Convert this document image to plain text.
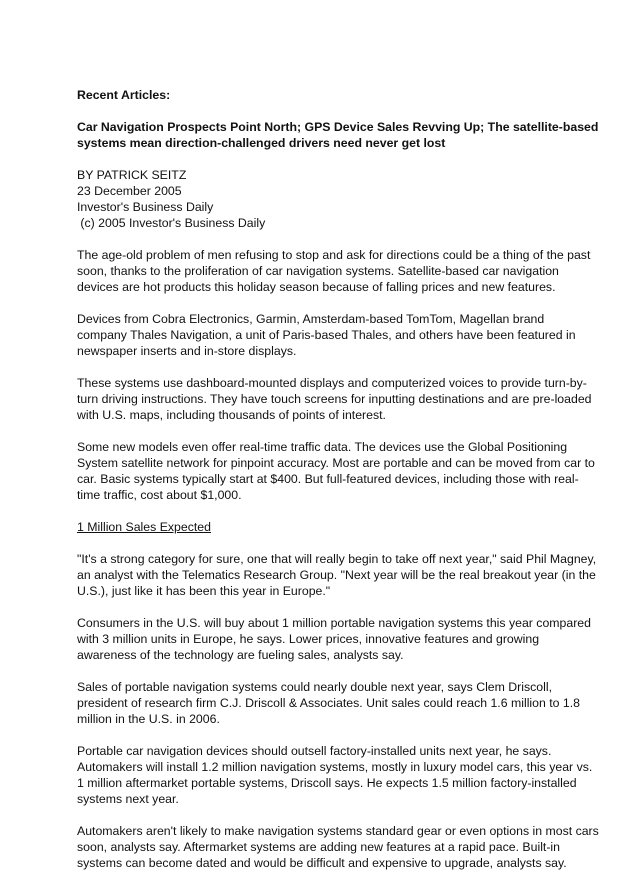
Recent Articles:
Car Navigation Prospects Point North; GPS Device Sales Revving Up; The satellite-based
systems mean direction-challenged drivers need never get lost
BY PATRICK SEITZ
23 December 2005
Investor's Business Daily
(c) 2005 Investor's Business Daily
The age-old problem of men refusing to stop and ask for directions could be a thing of the past
soon, thanks to the proliferation of car navigation systems. Satellite-based car navigation
devices are hot products this holiday season because of falling prices and new features.
Devices from Cobra Electronics, Garmin, Amsterdam-based TomTom, Magellan brand
company Thales Navigation, a unit of Paris-based Thales, and others have been featured in
newspaper inserts and in-store displays.
These systems use dashboard-mounted displays and computerized voices to provide turn-by-
turn driving instructions. They have touch screens for inputting destinations and are pre-loaded
with U.S. maps, including thousands of points of interest.
Some new models even offer real-time traffic data. The devices use the Global Positioning
System satellite network for pinpoint accuracy. Most are portable and can be moved from car to
car. Basic systems typically start at $400. But full-featured devices, including those with real-
time traffic, cost about $1,000.
1 Million Sales Expected
"It's a strong category for sure, one that will really begin to take off next year," said Phil Magney,
an analyst with the Telematics Research Group. "Next year will be the real breakout year (in the
U.S.), just like it has been this year in Europe."
Consumers in the U.S. will buy about 1 million portable navigation systems this year compared
with 3 million units in Europe, he says. Lower prices, innovative features and growing
awareness of the technology are fueling sales, analysts say.
Sales of portable navigation systems could nearly double next year, says Clem Driscoll,
president of research firm C.J. Driscoll & Associates. Unit sales could reach 1.6 million to 1.8
million in the U.S. in 2006.
Portable car navigation devices should outsell factory-installed units next year, he says.
Automakers will install 1.2 million navigation systems, mostly in luxury model cars, this year vs.
1 million aftermarket portable systems, Driscoll says. He expects 1.5 million factory-installed
systems next year.
Automakers aren't likely to make navigation systems standard gear or even options in most cars
soon, analysts say. Aftermarket systems are adding new features at a rapid pace. Built-in
systems can become dated and would be difficult and expensive to upgrade, analysts say.
